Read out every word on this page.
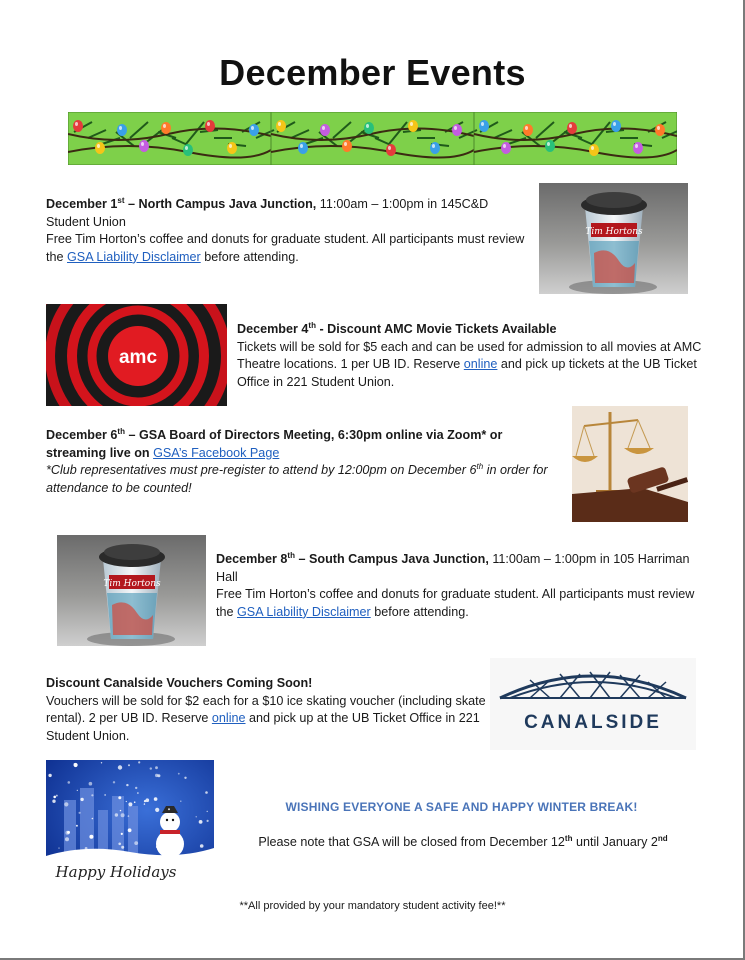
December Events
December 1st – North Campus Java Junction, 11:00am – 1:00pm in 145C&D Student Union
Free Tim Horton’s coffee and donuts for graduate student. All participants must review the GSA Liability Disclaimer before attending.
Tim Hortons
amc
December 4th - Discount AMC Movie Tickets Available
Tickets will be sold for $5 each and can be used for admission to all movies at AMC Theatre locations. 1 per UB ID. Reserve online and pick up tickets at the UB Ticket Office in 221 Student Union.
December 6th – GSA Board of Directors Meeting, 6:30pm online via Zoom* or streaming live on GSA’s Facebook Page
*Club representatives must pre-register to attend by 12:00pm on December 6th in order for attendance to be counted!
Tim Hortons
December 8th – South Campus Java Junction, 11:00am – 1:00pm in 105 Harriman Hall
Free Tim Horton’s coffee and donuts for graduate student. All participants must review the GSA Liability Disclaimer before attending.
Discount Canalside Vouchers Coming Soon!
Vouchers will be sold for $2 each for a $10 ice skating voucher (including skate rental). 2 per UB ID. Reserve online and pick up at the UB Ticket Office in 221 Student Union.
CANALSIDE
Happy Holidays
WISHING EVERYONE A SAFE AND HAPPY WINTER BREAK!
Please note that GSA will be closed from December 12th until January 2nd
**All provided by your mandatory student activity fee!**
